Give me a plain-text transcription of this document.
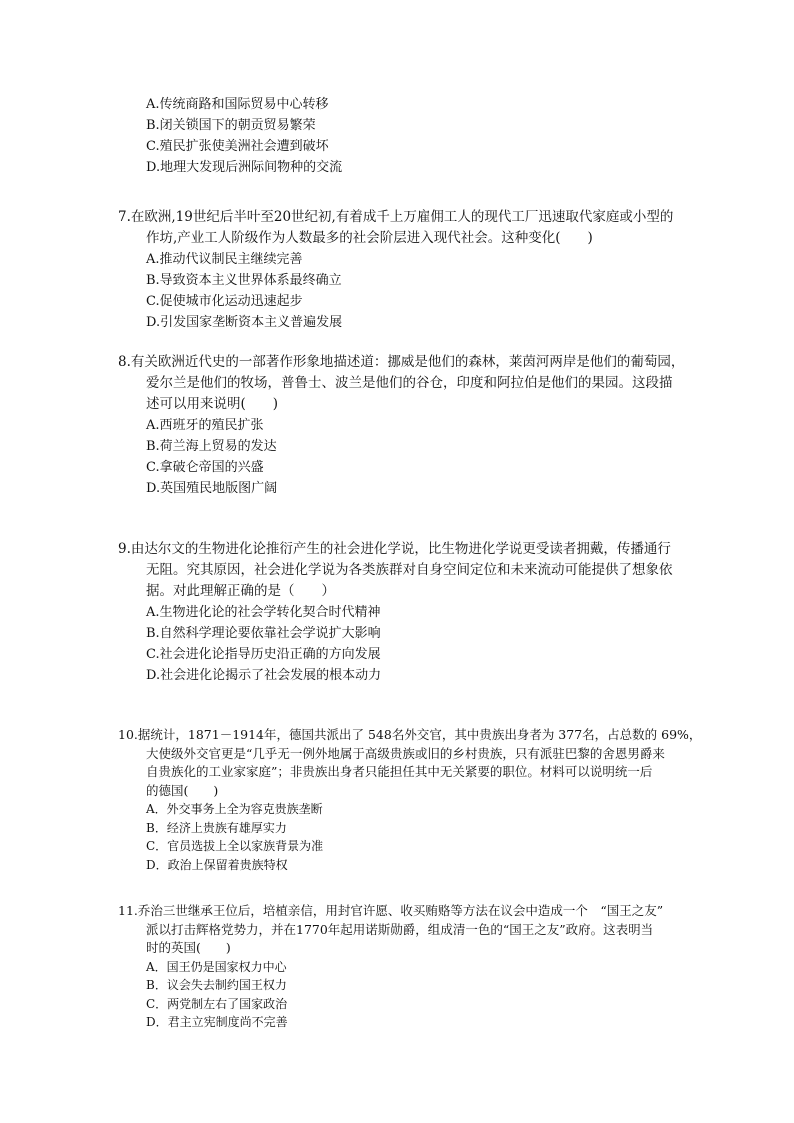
A.传统商路和国际贸易中心转移
B.闭关锁国下的朝贡贸易繁荣
C.殖民扩张使美洲社会遭到破坏
D.地理大发现后洲际间物种的交流
7.在欧洲,19世纪后半叶至20世纪初,有着成千上万雇佣工人的现代工厂迅速取代家庭或小型的
作坊,产业工人阶级作为人数最多的社会阶层进入现代社会。这种变化(　　)
A.推动代议制民主继续完善
B.导致资本主义世界体系最终确立
C.促使城市化运动迅速起步
D.引发国家垄断资本主义普遍发展
8.有关欧洲近代史的一部著作形象地描述道：挪威是他们的森林，莱茵河两岸是他们的葡萄园，
爱尔兰是他们的牧场，普鲁士、波兰是他们的谷仓，印度和阿拉伯是他们的果园。这段描
述可以用来说明(　　)
A.西班牙的殖民扩张
B.荷兰海上贸易的发达
C.拿破仑帝国的兴盛
D.英国殖民地版图广阔
9.由达尔文的生物进化论推衍产生的社会进化学说，比生物进化学说更受读者拥戴，传播通行
无阻。究其原因，社会进化学说为各类族群对自身空间定位和未来流动可能提供了想象依
据。对此理解正确的是（　　）
A.生物进化论的社会学转化契合时代精神
B.自然科学理论要依靠社会学说扩大影响
C.社会进化论指导历史沿正确的方向发展
D.社会进化论揭示了社会发展的根本动力
10.据统计，1871－1914年，德国共派出了 548名外交官，其中贵族出身者为 377名，占总数的 69%，
大使级外交官更是“几乎无一例外地属于高级贵族或旧的乡村贵族，只有派驻巴黎的舍恩男爵来
自贵族化的工业家家庭”；非贵族出身者只能担任其中无关紧要的职位。材料可以说明统一后
的德国(　　)
A．外交事务上全为容克贵族垄断
B．经济上贵族有雄厚实力
C．官员选拔上全以家族背景为准
D．政治上保留着贵族特权
11.乔治三世继承王位后，培植亲信，用封官许愿、收买贿赂等方法在议会中造成一个　“国王之友”
派以打击辉格党势力，并在1770年起用诺斯勋爵，组成清一色的“国王之友”政府。这表明当
时的英国(　　)
A．国王仍是国家权力中心
B．议会失去制约国王权力
C．两党制左右了国家政治
D．君主立宪制度尚不完善
